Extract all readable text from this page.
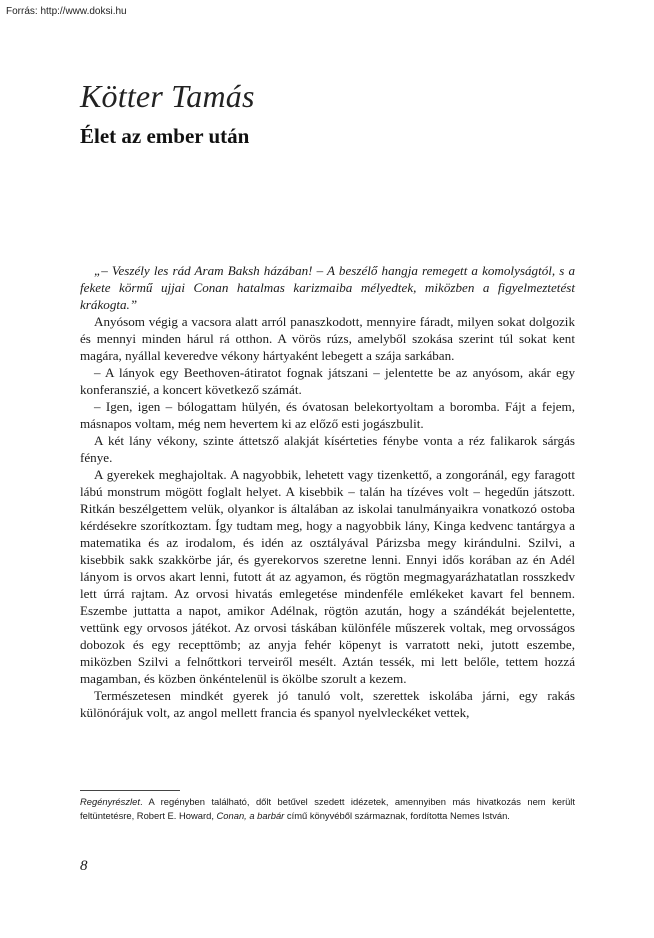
Forrás: http://www.doksi.hu

Kötter Tamás
Élet az ember után

„– Veszély les rád Aram Baksh házában! – A beszélő hangja remegett a komolyságtól, s a fekete körmű ujjai Conan hatalmas karizmaiba mélyedtek, miközben a figyelmeztetést krákogta.”

Anyósom végig a vacsora alatt arról panaszkodott, mennyire fáradt, milyen sokat dolgozik és mennyi minden hárul rá otthon. A vörös rúzs, amelyből szokása szerint túl sokat kent magára, nyállal keveredve vékony hártyaként lebegett a szája sarkában.

– A lányok egy Beethoven-átiratot fognak játszani – jelentette be az anyósom, akár egy konferanszié, a koncert következő számát.

– Igen, igen – bólogattam hülyén, és óvatosan belekortyoltam a boromba. Fájt a fejem, másnapos voltam, még nem hevertem ki az előző esti jogászbulit.

A két lány vékony, szinte áttetsző alakját kísérteties fénybe vonta a réz falikarok sárgás fénye.

A gyerekek meghajoltak. A nagyobbik, lehetett vagy tizenkettő, a zongoránál, egy faragott lábú monstrum mögött foglalt helyet. A kisebbik – talán ha tízéves volt – hegedűn játszott. Ritkán beszélgettem velük, olyankor is általában az iskolai tanulmányaikra vonatkozó ostoba kérdésekre szorítkoztam. Így tudtam meg, hogy a nagyobbik lány, Kinga kedvenc tantárgya a matematika és az irodalom, és idén az osztályával Párizsba megy kirándulni. Szilvi, a kisebbik sakk szakkörbe jár, és gyerekorvos szeretne lenni. Ennyi idős korában az én Adél lányom is orvos akart lenni, futott át az agyamon, és rögtön megmagyarázhatatlan rosszkedv lett úrrá rajtam. Az orvosi hivatás emlegetése mindenféle emlékeket kavart fel bennem. Eszembe juttatta a napot, amikor Adélnak, rögtön azután, hogy a szándékát bejelentette, vettünk egy orvosos játékot. Az orvosi táskában különféle műszerek voltak, meg orvosságos dobozok és egy recepttömb; az anyja fehér köpenyt is varratott neki, jutott eszembe, miközben Szilvi a felnőttkori terveiről mesélt. Aztán tessék, mi lett belőle, tettem hozzá magamban, és közben önkéntelenül is ökölbe szorult a kezem.

Természetesen mindkét gyerek jó tanuló volt, szerettek iskolába járni, egy rakás különórájuk volt, az angol mellett francia és spanyol nyelvleckéket vettek,

Regényrészlet. A regényben található, dőlt betűvel szedett idézetek, amennyiben más hivatkozás nem került feltüntetésre, Robert E. Howard, Conan, a barbár című könyvéből származnak, fordította Nemes István.

8
